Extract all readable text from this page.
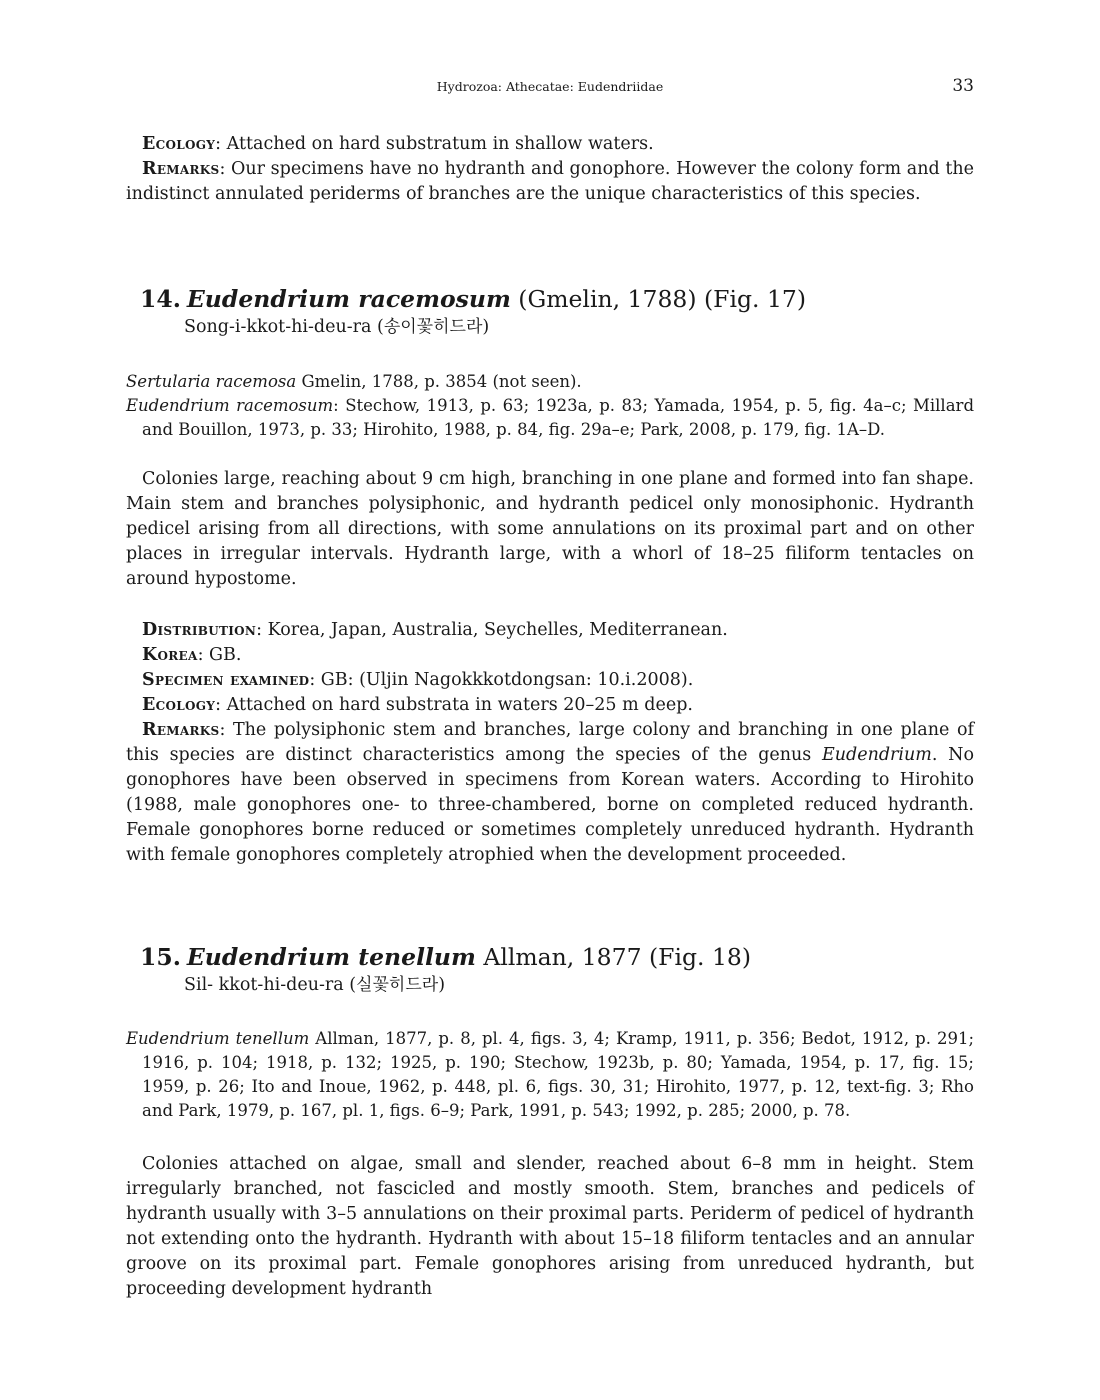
Hydrozoa: Athecatae: Eudendriidae	33

Ecology: Attached on hard substratum in shallow waters.

Remarks: Our specimens have no hydranth and gonophore. However the colony form and the indistinct annulated periderms of branches are the unique characteristics of this species.

14. Eudendrium racemosum (Gmelin, 1788) (Fig. 17)
Song-i-kkot-hi-deu-ra (송이꽃히드라)

Sertularia racemosa Gmelin, 1788, p. 3854 (not seen).

Eudendrium racemosum: Stechow, 1913, p. 63; 1923a, p. 83; Yamada, 1954, p. 5, fig. 4a–c; Millard and Bouillon, 1973, p. 33; Hirohito, 1988, p. 84, fig. 29a–e; Park, 2008, p. 179, fig. 1A–D.

Colonies large, reaching about 9 cm high, branching in one plane and formed into fan shape. Main stem and branches polysiphonic, and hydranth pedicel only monosiphonic. Hydranth pedicel arising from all directions, with some annulations on its proximal part and on other places in irregular intervals. Hydranth large, with a whorl of 18–25 filiform tentacles on around hypostome.

Distribution: Korea, Japan, Australia, Seychelles, Mediterranean.

Korea: GB.

Specimen examined: GB: (Uljin Nagokkkotdongsan: 10.i.2008).

Ecology: Attached on hard substrata in waters 20–25 m deep.

Remarks: The polysiphonic stem and branches, large colony and branching in one plane of this species are distinct characteristics among the species of the genus Eudendrium. No gonophores have been observed in specimens from Korean waters. According to Hirohito (1988, male gonophores one- to three-chambered, borne on completed reduced hydranth. Female gonophores borne reduced or sometimes completely unreduced hydranth. Hydranth with female gonophores completely atrophied when the development proceeded.

15. Eudendrium tenellum Allman, 1877 (Fig. 18)
Sil- kkot-hi-deu-ra (실꽃히드라)

Eudendrium tenellum Allman, 1877, p. 8, pl. 4, figs. 3, 4; Kramp, 1911, p. 356; Bedot, 1912, p. 291; 1916, p. 104; 1918, p. 132; 1925, p. 190; Stechow, 1923b, p. 80; Yamada, 1954, p. 17, fig. 15; 1959, p. 26; Ito and Inoue, 1962, p. 448, pl. 6, figs. 30, 31; Hirohito, 1977, p. 12, text-fig. 3; Rho and Park, 1979, p. 167, pl. 1, figs. 6–9; Park, 1991, p. 543; 1992, p. 285; 2000, p. 78.

Colonies attached on algae, small and slender, reached about 6–8 mm in height. Stem irregularly branched, not fascicled and mostly smooth. Stem, branches and pedicels of hydranth usually with 3–5 annulations on their proximal parts. Periderm of pedicel of hydranth not extending onto the hydranth. Hydranth with about 15–18 filiform tentacles and an annular groove on its proximal part. Female gonophores arising from unreduced hydranth, but proceeding development hydranth
